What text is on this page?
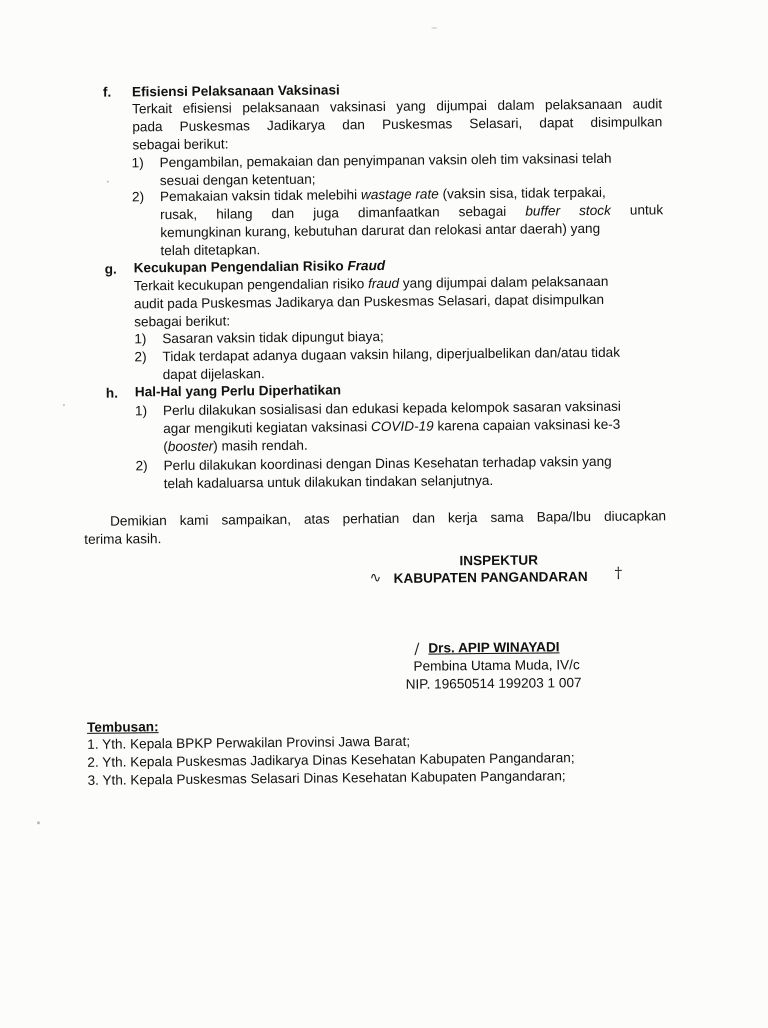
f. Efisiensi Pelaksanaan Vaksinasi
Terkait efisiensi pelaksanaan vaksinasi yang dijumpai dalam pelaksanaan audit
pada Puskesmas Jadikarya dan Puskesmas Selasari, dapat disimpulkan
sebagai berikut:
1) Pengambilan, pemakaian dan penyimpanan vaksin oleh tim vaksinasi telah
sesuai dengan ketentuan;
2) Pemakaian vaksin tidak melebihi wastage rate (vaksin sisa, tidak terpakai,
rusak, hilang dan juga dimanfaatkan sebagai buffer stock untuk
kemungkinan kurang, kebutuhan darurat dan relokasi antar daerah) yang
telah ditetapkan.
g. Kecukupan Pengendalian Risiko Fraud
Terkait kecukupan pengendalian risiko fraud yang dijumpai dalam pelaksanaan
audit pada Puskesmas Jadikarya dan Puskesmas Selasari, dapat disimpulkan
sebagai berikut:
1) Sasaran vaksin tidak dipungut biaya;
2) Tidak terdapat adanya dugaan vaksin hilang, diperjualbelikan dan/atau tidak
dapat dijelaskan.
h. Hal-Hal yang Perlu Diperhatikan
1) Perlu dilakukan sosialisasi dan edukasi kepada kelompok sasaran vaksinasi
agar mengikuti kegiatan vaksinasi COVID-19 karena capaian vaksinasi ke-3
(booster) masih rendah.
2) Perlu dilakukan koordinasi dengan Dinas Kesehatan terhadap vaksin yang
telah kadaluarsa untuk dilakukan tindakan selanjutnya.
Demikian kami sampaikan, atas perhatian dan kerja sama Bapa/Ibu diucapkan
terima kasih.
INSPEKTUR
∿ KABUPATEN PANGANDARAN †
/ Drs. APIP WINAYADI
Pembina Utama Muda, IV/c
NIP. 19650514 199203 1 007
Tembusan:
1. Yth. Kepala BPKP Perwakilan Provinsi Jawa Barat;
2. Yth. Kepala Puskesmas Jadikarya Dinas Kesehatan Kabupaten Pangandaran;
3. Yth. Kepala Puskesmas Selasari Dinas Kesehatan Kabupaten Pangandaran;
